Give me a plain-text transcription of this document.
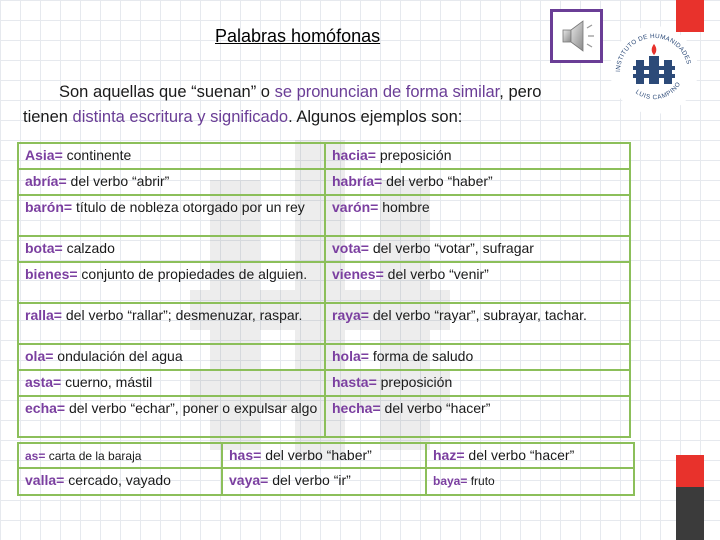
Palabras homófonas
INSTITUTO DE HUMANIDADES
LUIS CAMPINO
Son aquellas que “suenan” o se pronuncian de forma similar, pero tienen distinta escritura y significado. Algunos ejemplos son:
Asia= continente	hacia= preposición
abría= del verbo “abrir”	habría= del verbo “haber”
barón= título de nobleza otorgado por un rey	varón= hombre
bota= calzado	vota= del verbo “votar”, sufragar
bienes= conjunto de propiedades de alguien.	vienes= del verbo “venir”
ralla= del verbo “rallar”; desmenuzar, raspar.	raya= del verbo “rayar”, subrayar, tachar.
ola= ondulación del agua	hola= forma de saludo
asta= cuerno, mástil	hasta= preposición
echa= del verbo “echar”, poner o expulsar algo	hecha= del verbo “hacer”
as= carta de la baraja	has= del verbo “haber”	haz= del verbo “hacer”
valla= cercado, vayado	vaya= del verbo “ir”	baya= fruto
